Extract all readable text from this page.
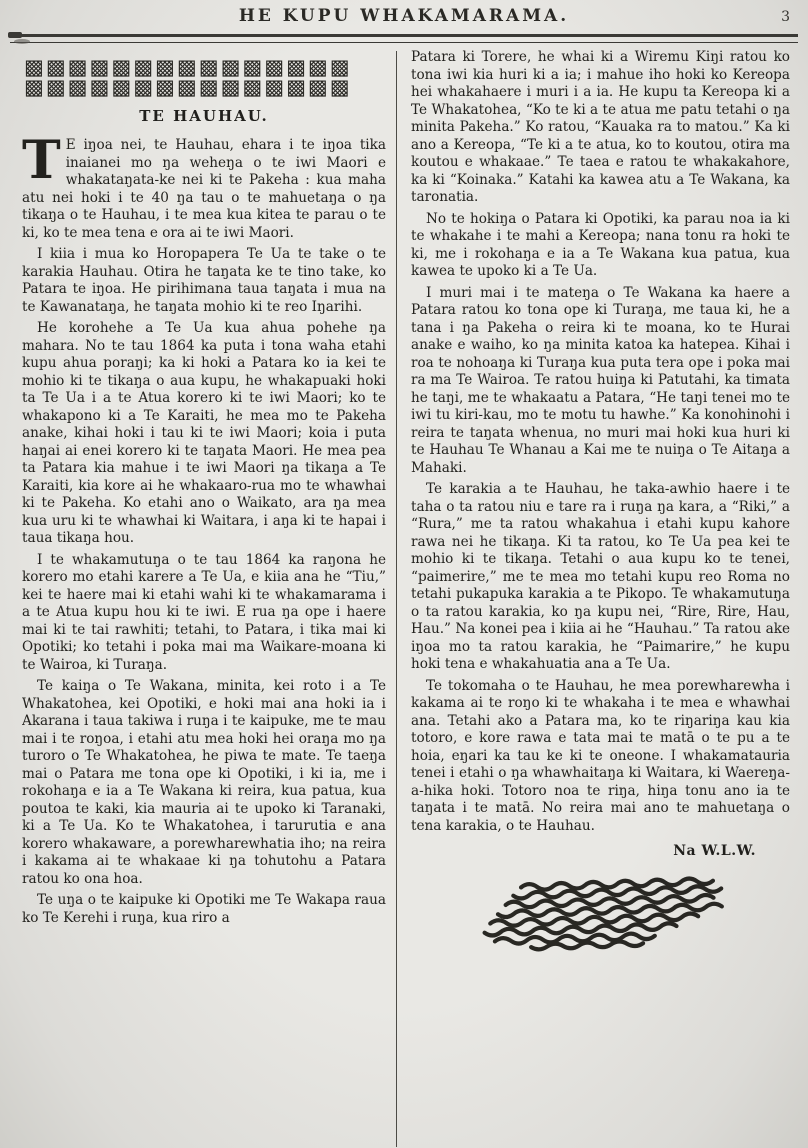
HE KUPU WHAKAMARAMA.	3
▩▩▩▩▩▩▩▩▩▩▩▩▩▩▩
▩▩▩▩▩▩▩▩▩▩▩▩▩▩▩
TE HAUHAU.

T E iŋoa nei, te Hauhau, ehara i te iŋoa tika inaianei mo ŋa weheŋa o te iwi Maori e whakataŋata-ke nei ki te Pakeha : kua maha atu nei hoki i te 40 ŋa tau o te mahuetaŋa o ŋa tikaŋa o te Hauhau, i te mea kua kitea te parau o te ki, ko te mea tena e ora ai te iwi Maori.

I kiia i mua ko Horopapera Te Ua te take o te karakia Hauhau. Otira he taŋata ke te tino take, ko Patara te iŋoa. He pirihimana taua taŋata i mua na te Kawanataŋa, he taŋata mohio ki te reo Iŋarihi.

He korohehe a Te Ua kua ahua pohehe ŋa mahara. No te tau 1864 ka puta i tona waha etahi kupu ahua poraŋi; ka ki hoki a Patara ko ia kei te mohio ki te tikaŋa o aua kupu, he whakapuaki hoki ta Te Ua i a te Atua korero ki te iwi Maori; ko te whakapono ki a Te Karaiti, he mea mo te Pakeha anake, kihai hoki i tau ki te iwi Maori; koia i puta haŋai ai enei korero ki te taŋata Maori. He mea pea ta Patara kia mahue i te iwi Maori ŋa tikaŋa a Te Karaiti, kia kore ai he whakaaro-rua mo te whawhai ki te Pakeha. Ko etahi ano o Waikato, ara ŋa mea kua uru ki te whawhai ki Waitara, i aŋa ki te hapai i taua tikaŋa hou.

I te whakamutuŋa o te tau 1864 ka raŋona he korero mo etahi karere a Te Ua, e kiia ana he “Tiu,” kei te haere mai ki etahi wahi ki te whakamarama i a te Atua kupu hou ki te iwi. E rua ŋa ope i haere mai ki te tai rawhiti; tetahi, to Patara, i tika mai ki Opotiki; ko tetahi i poka mai ma Waikare-moana ki te Wairoa, ki Turaŋa.

Te kaiŋa o Te Wakana, minita, kei roto i a Te Whakatohea, kei Opotiki, e hoki mai ana hoki ia i Akarana i taua takiwa i ruŋa i te kaipuke, me te mau mai i te roŋoa, i etahi atu mea hoki hei oraŋa mo ŋa turoro o Te Whakatohea, he piwa te mate. Te taeŋa mai o Patara me tona ope ki Opotiki, i ki ia, me i rokohaŋa e ia a Te Wakana ki reira, kua patua, kua poutoa te kaki, kia mauria ai te upoko ki Taranaki, ki a Te Ua. Ko te Whakatohea, i tarurutia e ana korero whakaware, a porewharewhatia iho; na reira i kakama ai te whakaae ki ŋa tohutohu a Patara ratou ko ona hoa.

Te uŋa o te kaipuke ki Opotiki me Te Wakapa raua ko Te Kerehi i ruŋa, kua riro a

Patara ki Torere, he whai ki a Wiremu Kiŋi ratou ko tona iwi kia huri ki a ia; i mahue iho hoki ko Kereopa hei whakahaere i muri i a ia. He kupu ta Kereopa ki a Te Whakatohea, “Ko te ki a te atua me patu tetahi o ŋa minita Pakeha.” Ko ratou, “Kauaka ra to matou.” Ka ki ano a Kereopa, “Te ki a te atua, ko to koutou, otira ma koutou e whakaae.” Te taea e ratou te whakakahore, ka ki “Koinaka.” Katahi ka kawea atu a Te Wakana, ka taronatia.

No te hokiŋa o Patara ki Opotiki, ka parau noa ia ki te whakahe i te mahi a Kereopa; nana tonu ra hoki te ki, me i rokohaŋa e ia a Te Wakana kua patua, kua kawea te upoko ki a Te Ua.

I muri mai i te mateŋa o Te Wakana ka haere a Patara ratou ko tona ope ki Turaŋa, me taua ki, he a tana i ŋa Pakeha o reira ki te moana, ko te Hurai anake e waiho, ko ŋa minita katoa ka hatepea. Kihai i roa te nohoaŋa ki Turaŋa kua puta tera ope i poka mai ra ma Te Wairoa. Te ratou huiŋa ki Patutahi, ka timata he taŋi, me te whakaatu a Patara, “He taŋi tenei mo te iwi tu kiri-kau, mo te motu tu hawhe.” Ka konohinohi i reira te taŋata whenua, no muri mai hoki kua huri ki te Hauhau Te Whanau a Kai me te nuiŋa o Te Aitaŋa a Mahaki.

Te karakia a te Hauhau, he taka-awhio haere i te taha o ta ratou niu e tare ra i ruŋa ŋa kara, a “Riki,” a “Rura,” me ta ratou whakahua i etahi kupu kahore rawa nei he tikaŋa. Ki ta ratou, ko Te Ua pea kei te mohio ki te tikaŋa. Tetahi o aua kupu ko te tenei, “paimerire,” me te mea mo tetahi kupu reo Roma no tetahi pukapuka karakia a te Pikopo. Te whakamutuŋa o ta ratou karakia, ko ŋa kupu nei, “Rire, Rire, Hau, Hau.” Na konei pea i kiia ai he “Hauhau.” Ta ratou ake iŋoa mo ta ratou karakia, he “Paimarire,” he kupu hoki tena e whakahuatia ana a Te Ua.

Te tokomaha o te Hauhau, he mea porewharewha i kakama ai te roŋo ki te whakaha i te mea e whawhai ana. Tetahi ako a Patara ma, ko te riŋariŋa kau kia totoro, e kore rawa e tata mai te matā o te pu a te hoia, eŋari ka tau ke ki te oneone. I whakamatauria tenei i etahi o ŋa whawhaitaŋa ki Waitara, ki Waereŋa-a-hika hoki. Totoro noa te riŋa, hiŋa tonu ano ia te taŋata i te matā. No reira mai ano te mahuetaŋa o tena karakia, o te Hauhau.

Na W.L.W.
